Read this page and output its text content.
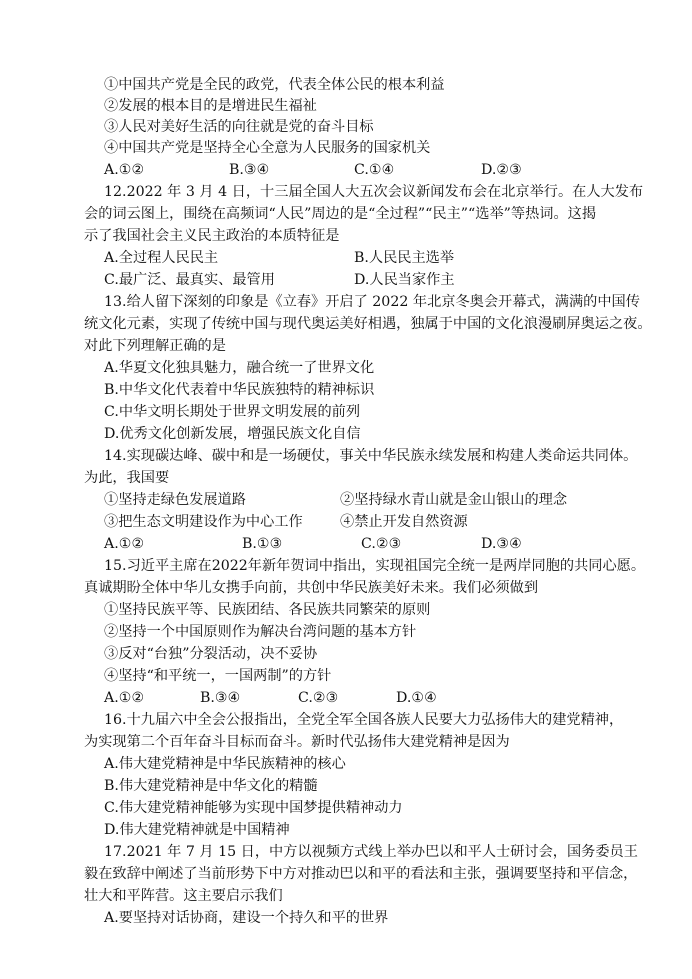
①中国共产党是全民的政党，代表全体公民的根本利益
②发展的根本目的是增进民生福祉
③人民对美好生活的向往就是党的奋斗目标
④中国共产党是坚持全心全意为人民服务的国家机关
A.①②	B.③④	C.①④	D.②③
12.2022 年 3 月 4 日，十三届全国人大五次会议新闻发布会在北京举行。在人大发布
会的词云图上，围绕在高频词“人民”周边的是“全过程”“民主”“选举”等热词。这揭
示了我国社会主义民主政治的本质特征是
A.全过程人民民主	B.人民民主选举
C.最广泛、最真实、最管用	D.人民当家作主
13.给人留下深刻的印象是《立春》开启了 2022 年北京冬奥会开幕式，满满的中国传
统文化元素，实现了传统中国与现代奥运美好相遇，独属于中国的文化浪漫刷屏奥运之夜。
对此下列理解正确的是
A.华夏文化独具魅力，融合统一了世界文化
B.中华文化代表着中华民族独特的精神标识
C.中华文明长期处于世界文明发展的前列
D.优秀文化创新发展，增强民族文化自信
14.实现碳达峰、碳中和是一场硬仗，事关中华民族永续发展和构建人类命运共同体。
为此，我国要
①坚持走绿色发展道路	②坚持绿水青山就是金山银山的理念
③把生态文明建设作为中心工作	④禁止开发自然资源
A.①②	B.①③	C.②③	D.③④
15.习近平主席在2022年新年贺词中指出，实现祖国完全统一是两岸同胞的共同心愿。
真诚期盼全体中华儿女携手向前，共创中华民族美好未来。我们必须做到
①坚持民族平等、民族团结、各民族共同繁荣的原则
②坚持一个中国原则作为解决台湾问题的基本方针
③反对“台独”分裂活动，决不妥协
④坚持“和平统一，一国两制”的方针
A.①②	B.③④	C.②③	D.①④
16.十九届六中全会公报指出，全党全军全国各族人民要大力弘扬伟大的建党精神，
为实现第二个百年奋斗目标而奋斗。新时代弘扬伟大建党精神是因为
A.伟大建党精神是中华民族精神的核心
B.伟大建党精神是中华文化的精髓
C.伟大建党精神能够为实现中国梦提供精神动力
D.伟大建党精神就是中国精神
17.2021 年 7 月 15 日，中方以视频方式线上举办巴以和平人士研讨会，国务委员王
毅在致辞中阐述了当前形势下中方对推动巴以和平的看法和主张，强调要坚持和平信念，
壮大和平阵营。这主要启示我们
A.要坚持对话协商，建设一个持久和平的世界
